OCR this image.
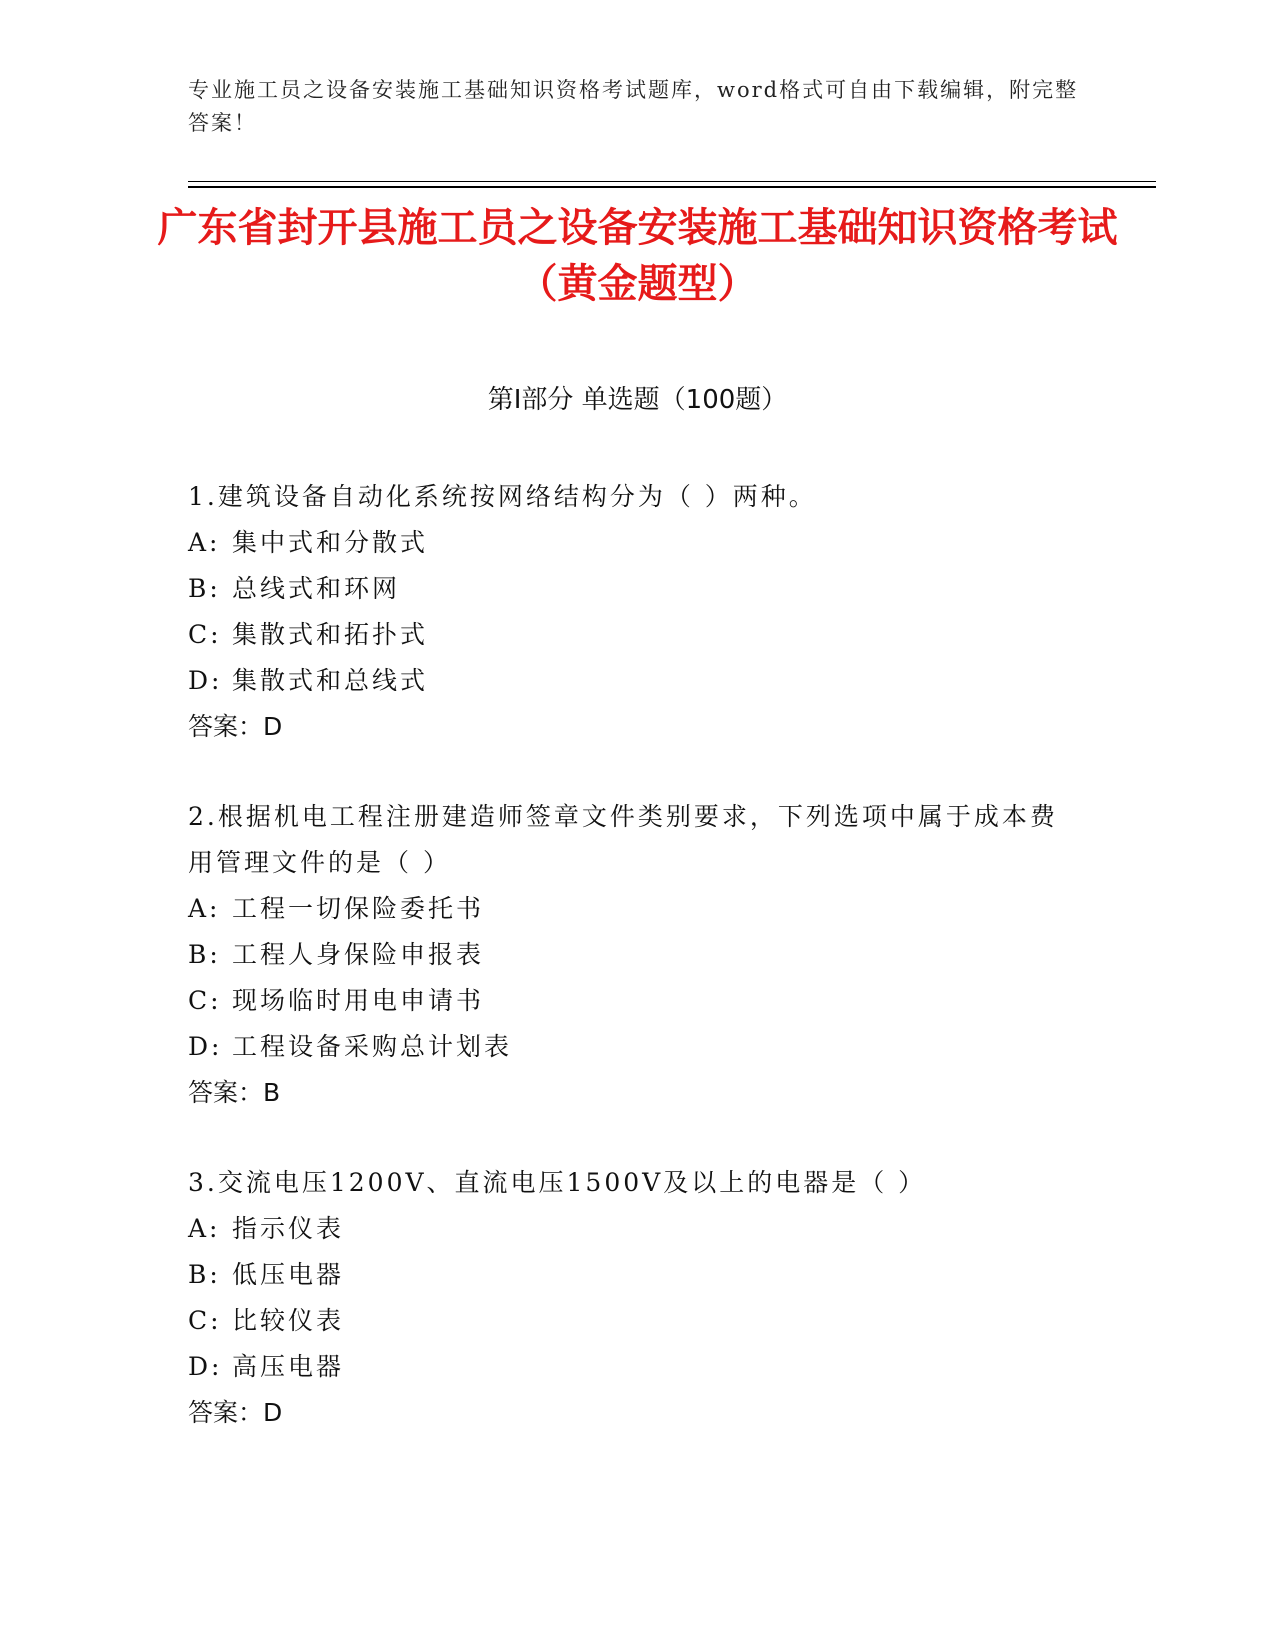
专业施工员之设备安装施工基础知识资格考试题库，word格式可自由下载编辑，附完整答案！
广东省封开县施工员之设备安装施工基础知识资格考试（黄金题型）
第I部分 单选题（100题）
1.建筑设备自动化系统按网络结构分为（ ）两种。
A: 集中式和分散式
B: 总线式和环网
C: 集散式和拓扑式
D: 集散式和总线式
答案：D
2.根据机电工程注册建造师签章文件类别要求，下列选项中属于成本费用管理文件的是（ ）
A: 工程一切保险委托书
B: 工程人身保险申报表
C: 现场临时用电申请书
D: 工程设备采购总计划表
答案：B
3.交流电压1200V、直流电压1500V及以上的电器是（ ）
A: 指示仪表
B: 低压电器
C: 比较仪表
D: 高压电器
答案：D
